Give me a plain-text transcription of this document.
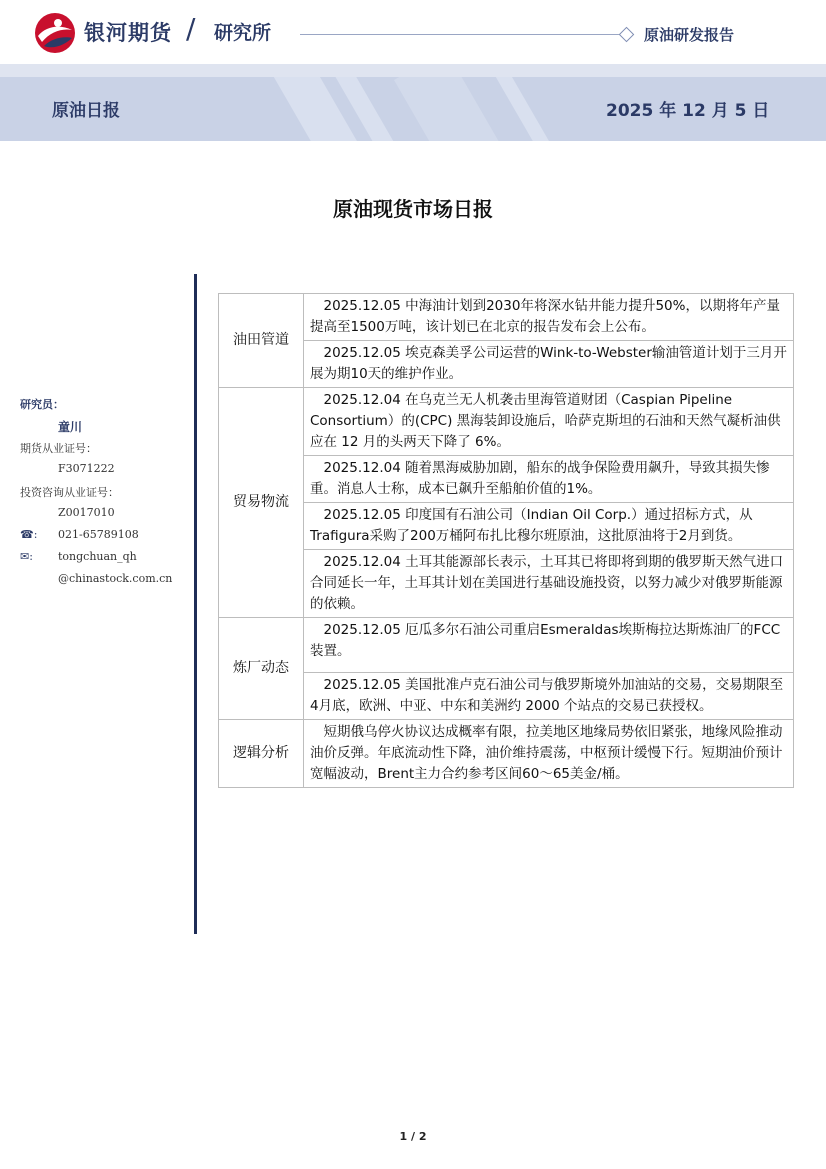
银河期货 / 研究所	原油研发报告
原油日报	2025 年 12 月 5 日
原油现货市场日报
研究员：
童川
期货从业证号：
F3071222
投资咨询从业证号：
Z0017010
☎: 021-65789108
✉: tongchuan_qh
@chinastock.com.cn
油田管道	2025.12.05 中海油计划到2030年将深水钻井能力提升50%，以期将年产量提高至1500万吨，该计划已在北京的报告发布会上公布。
	2025.12.05 埃克森美孚公司运营的Wink-to-Webster输油管道计划于三月开展为期10天的维护作业。
贸易物流	2025.12.04 在乌克兰无人机袭击里海管道财团（Caspian Pipeline Consortium）的(CPC) 黑海装卸设施后，哈萨克斯坦的石油和天然气凝析油供应在 12 月的头两天下降了 6%。
	2025.12.04 随着黑海威胁加剧，船东的战争保险费用飙升，导致其损失惨重。消息人士称，成本已飙升至船舶价值的1%。
	2025.12.05 印度国有石油公司（Indian Oil Corp.）通过招标方式，从Trafigura采购了200万桶阿布扎比穆尔班原油，这批原油将于2月到货。
	2025.12.04 土耳其能源部长表示，土耳其已将即将到期的俄罗斯天然气进口合同延长一年，土耳其计划在美国进行基础设施投资，以努力减少对俄罗斯能源的依赖。
炼厂动态	2025.12.05 厄瓜多尔石油公司重启Esmeraldas埃斯梅拉达斯炼油厂的FCC装置。
	2025.12.05 美国批准卢克石油公司与俄罗斯境外加油站的交易，交易期限至4月底，欧洲、中亚、中东和美洲约 2000 个站点的交易已获授权。
逻辑分析	短期俄乌停火协议达成概率有限，拉美地区地缘局势依旧紧张，地缘风险推动油价反弹。年底流动性下降，油价维持震荡，中枢预计缓慢下行。短期油价预计宽幅波动，Brent主力合约参考区间60～65美金/桶。
1 / 2
